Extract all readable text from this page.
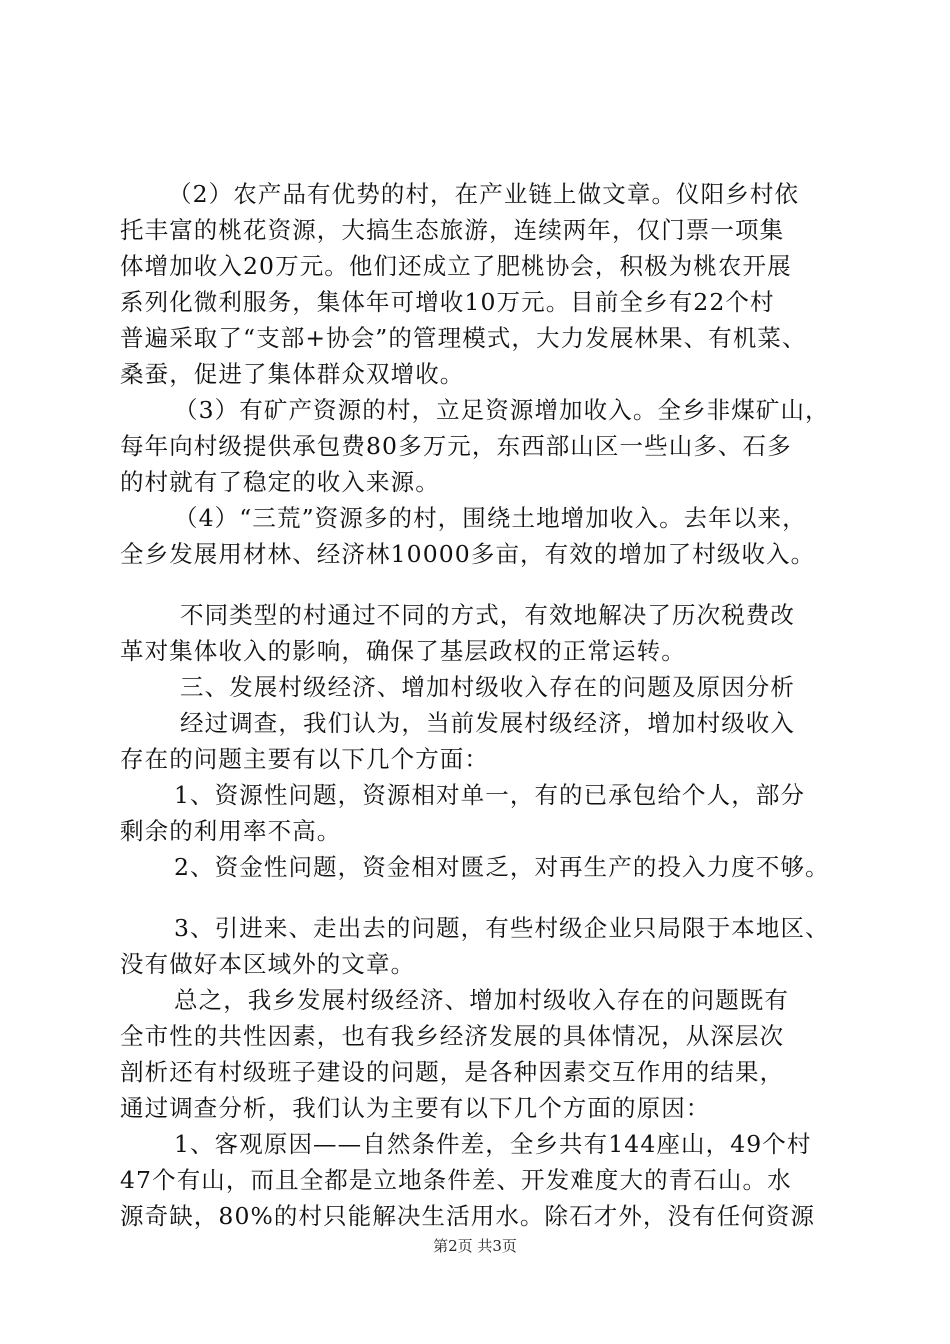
（2）农产品有优势的村，在产业链上做文章。仪阳乡村依
托丰富的桃花资源，大搞生态旅游，连续两年，仅门票一项集
体增加收入20万元。他们还成立了肥桃协会，积极为桃农开展
系列化微利服务，集体年可增收10万元。目前全乡有22个村
普遍采取了“支部+协会”的管理模式，大力发展林果、有机菜、
桑蚕，促进了集体群众双增收。
（3）有矿产资源的村，立足资源增加收入。全乡非煤矿山，
每年向村级提供承包费80多万元，东西部山区一些山多、石多
的村就有了稳定的收入来源。
（4）“三荒”资源多的村，围绕土地增加收入。去年以来，
全乡发展用材林、经济林10000多亩，有效的增加了村级收入。
不同类型的村通过不同的方式，有效地解决了历次税费改
革对集体收入的影响，确保了基层政权的正常运转。
三、发展村级经济、增加村级收入存在的问题及原因分析
经过调查，我们认为，当前发展村级经济，增加村级收入
存在的问题主要有以下几个方面：
1、资源性问题，资源相对单一，有的已承包给个人，部分
剩余的利用率不高。
2、资金性问题，资金相对匮乏，对再生产的投入力度不够。
3、引进来、走出去的问题，有些村级企业只局限于本地区、
没有做好本区域外的文章。
总之，我乡发展村级经济、增加村级收入存在的问题既有
全市性的共性因素，也有我乡经济发展的具体情况，从深层次
剖析还有村级班子建设的问题，是各种因素交互作用的结果，
通过调查分析，我们认为主要有以下几个方面的原因：
1、客观原因——自然条件差，全乡共有144座山，49个村
47个有山，而且全都是立地条件差、开发难度大的青石山。水
源奇缺，80%的村只能解决生活用水。除石才外，没有任何资源
第2页 共3页
